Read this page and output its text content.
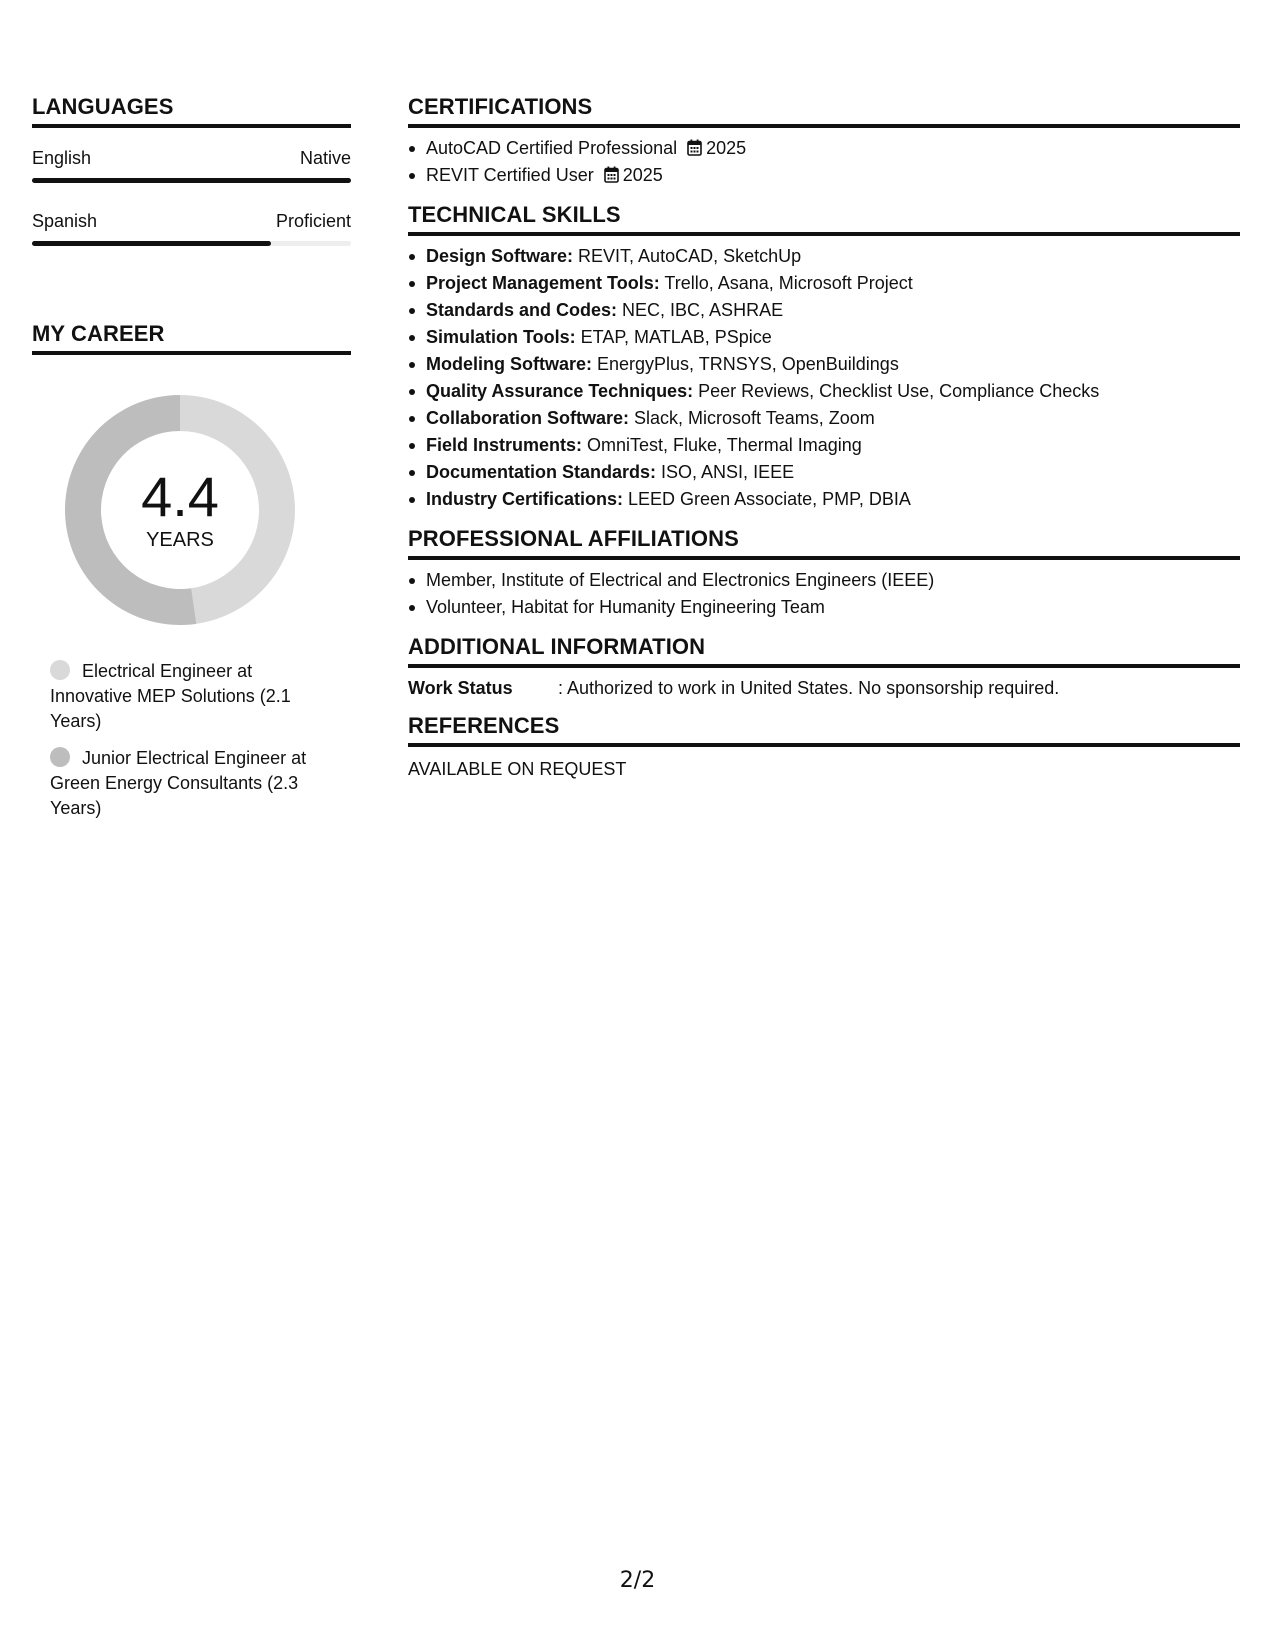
LANGUAGES
English	Native
Spanish	Proficient
MY CAREER
4.4
YEARS
Electrical Engineer at Innovative MEP Solutions (2.1 Years)
Junior Electrical Engineer at Green Energy Consultants (2.3 Years)
CERTIFICATIONS
AutoCAD Certified Professional 2025
REVIT Certified User 2025
TECHNICAL SKILLS
Design Software: REVIT, AutoCAD, SketchUp
Project Management Tools: Trello, Asana, Microsoft Project
Standards and Codes: NEC, IBC, ASHRAE
Simulation Tools: ETAP, MATLAB, PSpice
Modeling Software: EnergyPlus, TRNSYS, OpenBuildings
Quality Assurance Techniques: Peer Reviews, Checklist Use, Compliance Checks
Collaboration Software: Slack, Microsoft Teams, Zoom
Field Instruments: OmniTest, Fluke, Thermal Imaging
Documentation Standards: ISO, ANSI, IEEE
Industry Certifications: LEED Green Associate, PMP, DBIA
PROFESSIONAL AFFILIATIONS
Member, Institute of Electrical and Electronics Engineers (IEEE)
Volunteer, Habitat for Humanity Engineering Team
ADDITIONAL INFORMATION
Work Status	: Authorized to work in United States. No sponsorship required.
REFERENCES
AVAILABLE ON REQUEST
2/2
